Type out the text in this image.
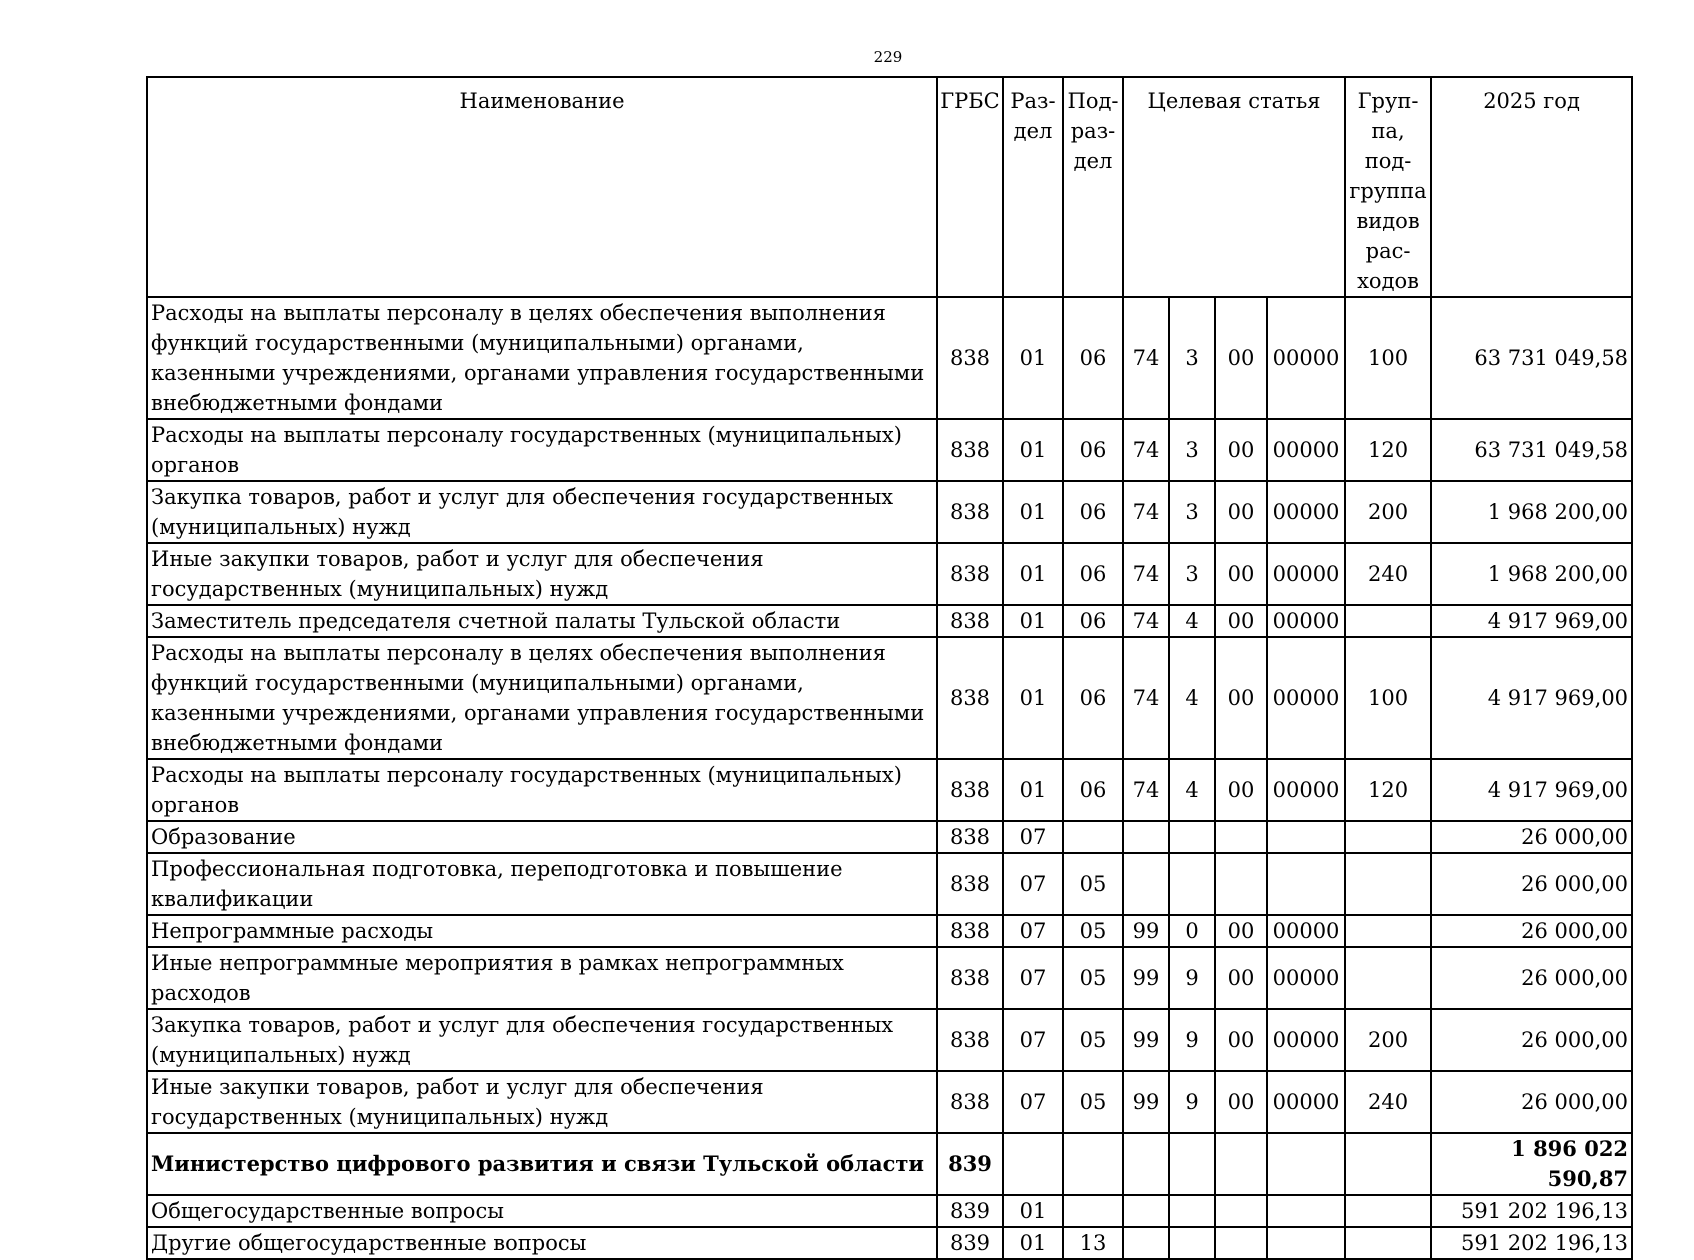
229
Наименование	ГРБС	Раз- дел	Под- раз- дел	Целевая статья				Груп- па, под- группа видов рас- ходов	2025 год
Расходы на выплаты персоналу в целях обеспечения выполнения функций государственными (муниципальными) органами, казенными учреждениями, органами управления государственными внебюджетными фондами	838	01	06	74	3	00	00000	100	63 731 049,58
Расходы на выплаты персоналу государственных (муниципальных) органов	838	01	06	74	3	00	00000	120	63 731 049,58
Закупка товаров, работ и услуг для обеспечения государственных (муниципальных) нужд	838	01	06	74	3	00	00000	200	1 968 200,00
Иные закупки товаров, работ и услуг для обеспечения государственных (муниципальных) нужд	838	01	06	74	3	00	00000	240	1 968 200,00
Заместитель председателя счетной палаты Тульской области	838	01	06	74	4	00	00000		4 917 969,00
Расходы на выплаты персоналу в целях обеспечения выполнения функций государственными (муниципальными) органами, казенными учреждениями, органами управления государственными внебюджетными фондами	838	01	06	74	4	00	00000	100	4 917 969,00
Расходы на выплаты персоналу государственных (муниципальных) органов	838	01	06	74	4	00	00000	120	4 917 969,00
Образование	838	07							26 000,00
Профессиональная подготовка, переподготовка и повышение квалификации	838	07	05						26 000,00
Непрограммные расходы	838	07	05	99	0	00	00000		26 000,00
Иные непрограммные мероприятия в рамках непрограммных расходов	838	07	05	99	9	00	00000		26 000,00
Закупка товаров, работ и услуг для обеспечения государственных (муниципальных) нужд	838	07	05	99	9	00	00000	200	26 000,00
Иные закупки товаров, работ и услуг для обеспечения государственных (муниципальных) нужд	838	07	05	99	9	00	00000	240	26 000,00
Министерство цифрового развития и связи Тульской области	839								1 896 022 590,87
Общегосударственные вопросы	839	01							591 202 196,13
Другие общегосударственные вопросы	839	01	13						591 202 196,13
